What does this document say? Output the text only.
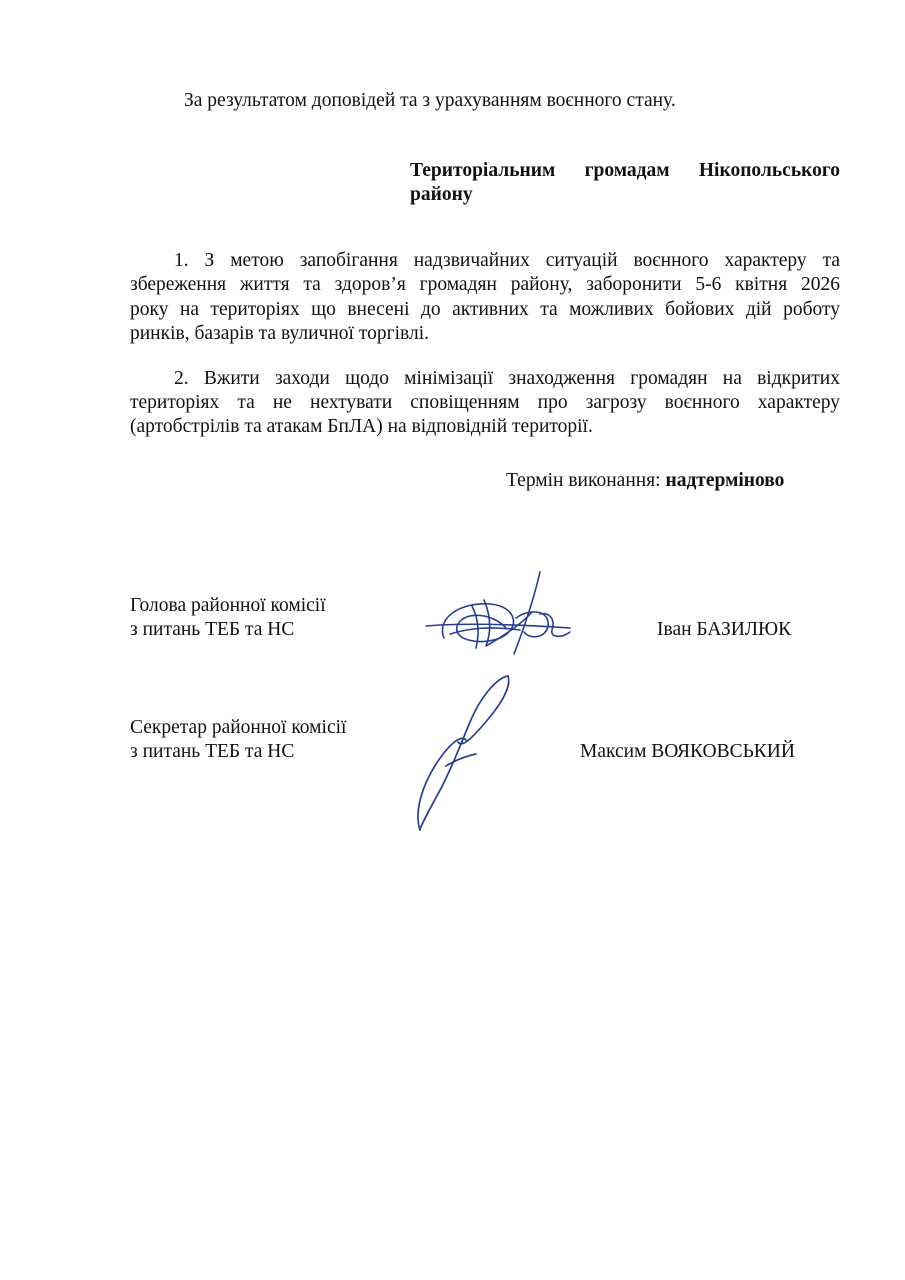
За результатом доповідей та з урахуванням воєнного стану.
Територіальним громадам Нікопольського
району
1. З метою запобігання надзвичайних ситуацій воєнного характеру та
збереження життя та здоров’я громадян району, заборонити 5-6 квітня 2026
року на територіях що внесені до активних та можливих бойових дій роботу
ринків, базарів та вуличної торгівлі.
2. Вжити заходи щодо мінімізації знаходження громадян на відкритих
територіях та не нехтувати сповіщенням про загрозу воєнного характеру
(артобстрілів та атакам БпЛА) на відповідній території.
Термін виконання: надтерміново
Голова районної комісії
з питань ТЕБ та НС	Іван БАЗИЛЮК
Секретар районної комісії
з питань ТЕБ та НС	Максим ВОЯКОВСЬКИЙ
